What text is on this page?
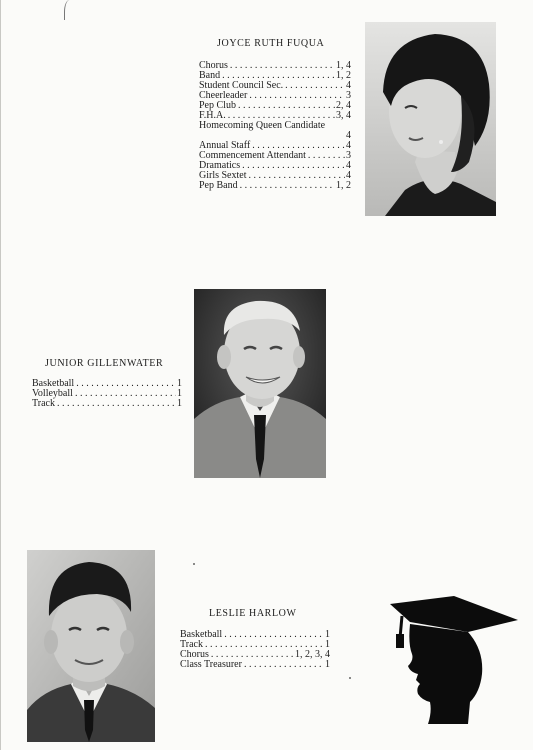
JOYCE RUTH FUQUA
Chorus . . .	1, 4
Band . . .	1, 2
Student Council Sec. . . .	4
Cheerleader . . .	3
Pep Club . . .	2, 4
F.H.A. . . .	3, 4
Homecoming Queen Candidate
4
Annual Staff . . .	4
Commencement Attendant . . .	3
Dramatics . . .	4
Girls Sextet . . .	4
Pep Band . . .	1, 2
JUNIOR GILLENWATER
Basketball . . .	1
Volleyball . . .	1
Track . . .	1
LESLIE HARLOW
Basketball . . .	1
Track . . .	1
Chorus . . .	1, 2, 3, 4
Class Treasurer . . .	1
